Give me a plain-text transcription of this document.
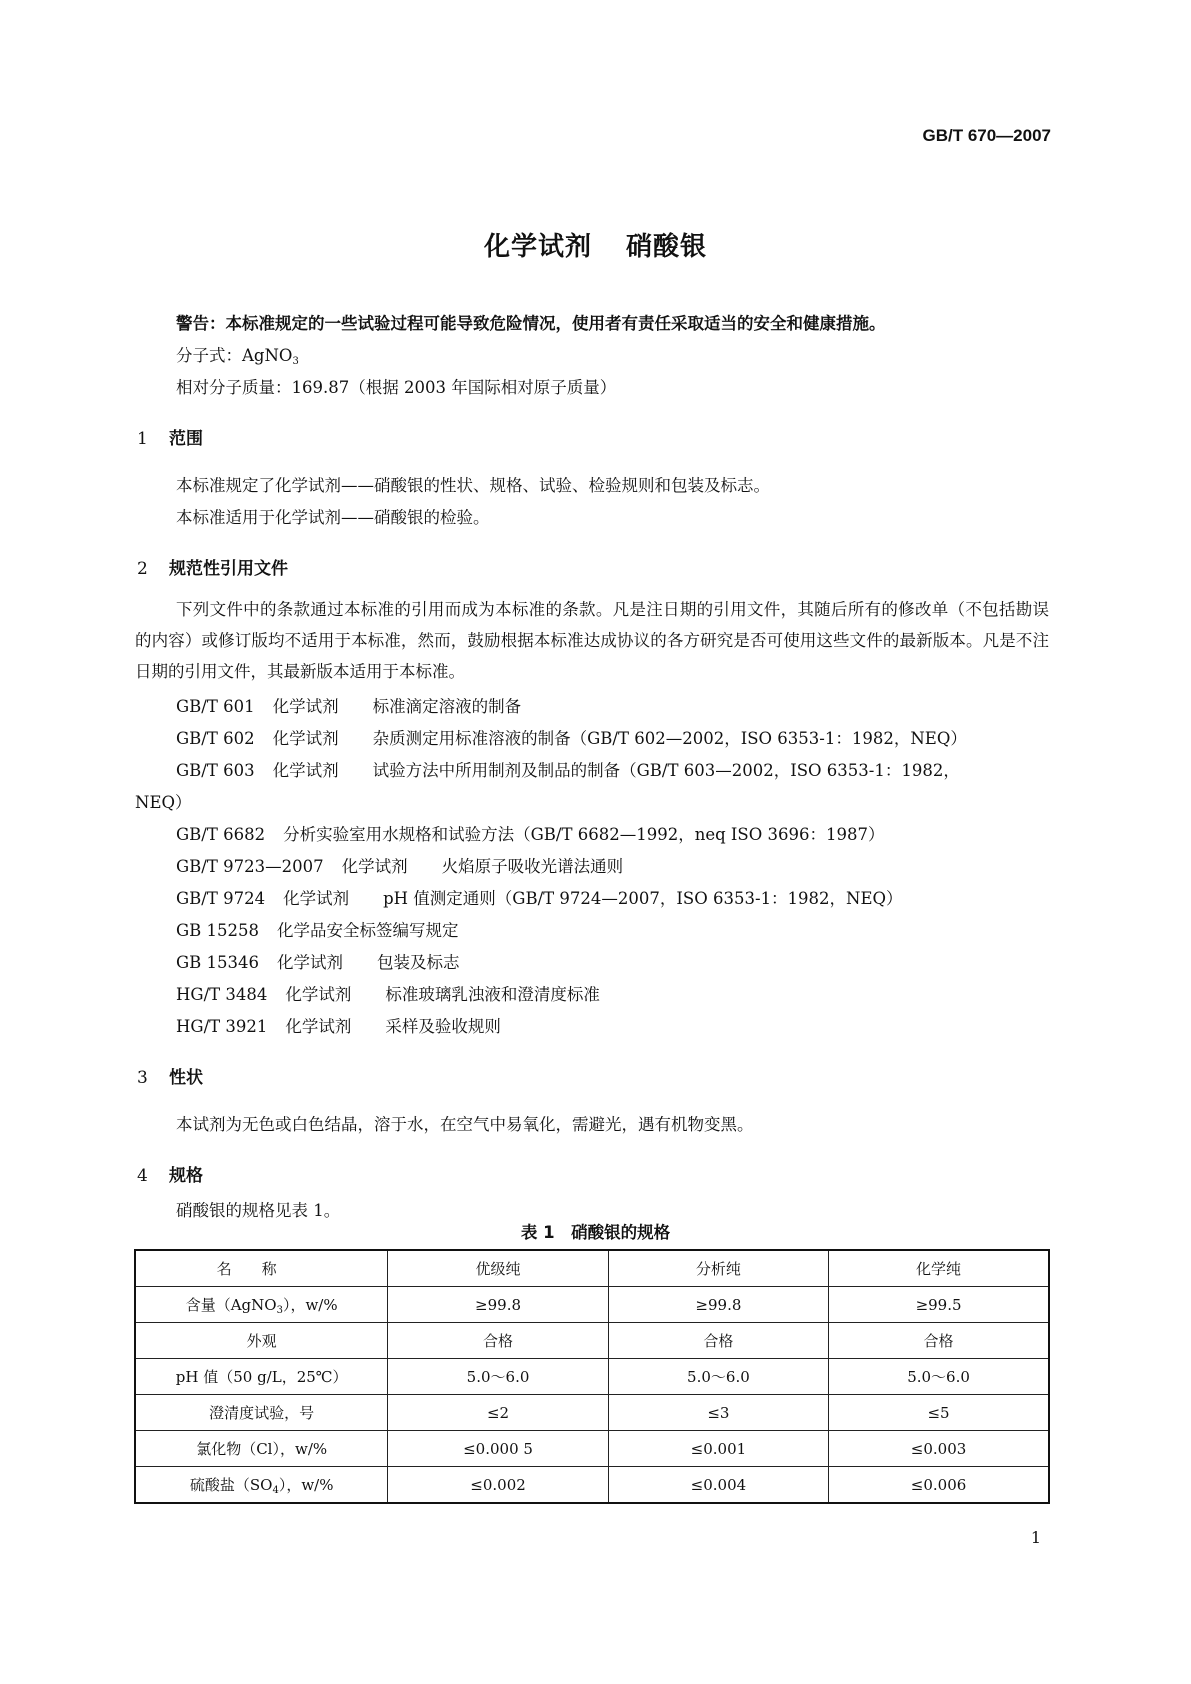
GB/T 670—2007
化学试剂 硝酸银
警告：本标准规定的一些试验过程可能导致危险情况，使用者有责任采取适当的安全和健康措施。
分子式：AgNO$_3$
相对分子质量：169.87（根据 2003 年国际相对原子质量）
1 范围
本标准规定了化学试剂——硝酸银的性状、规格、试验、检验规则和包装及标志。
本标准适用于化学试剂——硝酸银的检验。
2 规范性引用文件
下列文件中的条款通过本标准的引用而成为本标准的条款。凡是注日期的引用文件，其随后所有的修改单（不包括勘误的内容）或修订版均不适用于本标准，然而，鼓励根据本标准达成协议的各方研究是否可使用这些文件的最新版本。凡是不注日期的引用文件，其最新版本适用于本标准。
GB/T 601 化学试剂 标准滴定溶液的制备
GB/T 602 化学试剂 杂质测定用标准溶液的制备（GB/T 602—2002，ISO 6353-1：1982，NEQ）
GB/T 603 化学试剂 试验方法中所用制剂及制品的制备（GB/T 603—2002，ISO 6353-1：1982，
NEQ）
GB/T 6682 分析实验室用水规格和试验方法（GB/T 6682—1992，neq ISO 3696：1987）
GB/T 9723—2007 化学试剂 火焰原子吸收光谱法通则
GB/T 9724 化学试剂 pH 值测定通则（GB/T 9724—2007，ISO 6353-1：1982，NEQ）
GB 15258 化学品安全标签编写规定
GB 15346 化学试剂 包装及标志
HG/T 3484 化学试剂 标准玻璃乳浊液和澄清度标准
HG/T 3921 化学试剂 采样及验收规则
3 性状
本试剂为无色或白色结晶，溶于水，在空气中易氧化，需避光，遇有机物变黑。
4 规格
硝酸银的规格见表 1。
表 1　硝酸银的规格
名称	优级纯	分析纯	化学纯
含量（AgNO$_3$），w/%	≥99.8	≥99.8	≥99.5
外观	合格	合格	合格
pH 值（50 g/L，25℃）	5.0～6.0	5.0～6.0	5.0～6.0
澄清度试验，号	≤2	≤3	≤5
氯化物（Cl），w/%	≤0.000 5	≤0.001	≤0.003
硫酸盐$(SO_4)$，w/%	≤0.002	≤0.004	≤0.006
1
